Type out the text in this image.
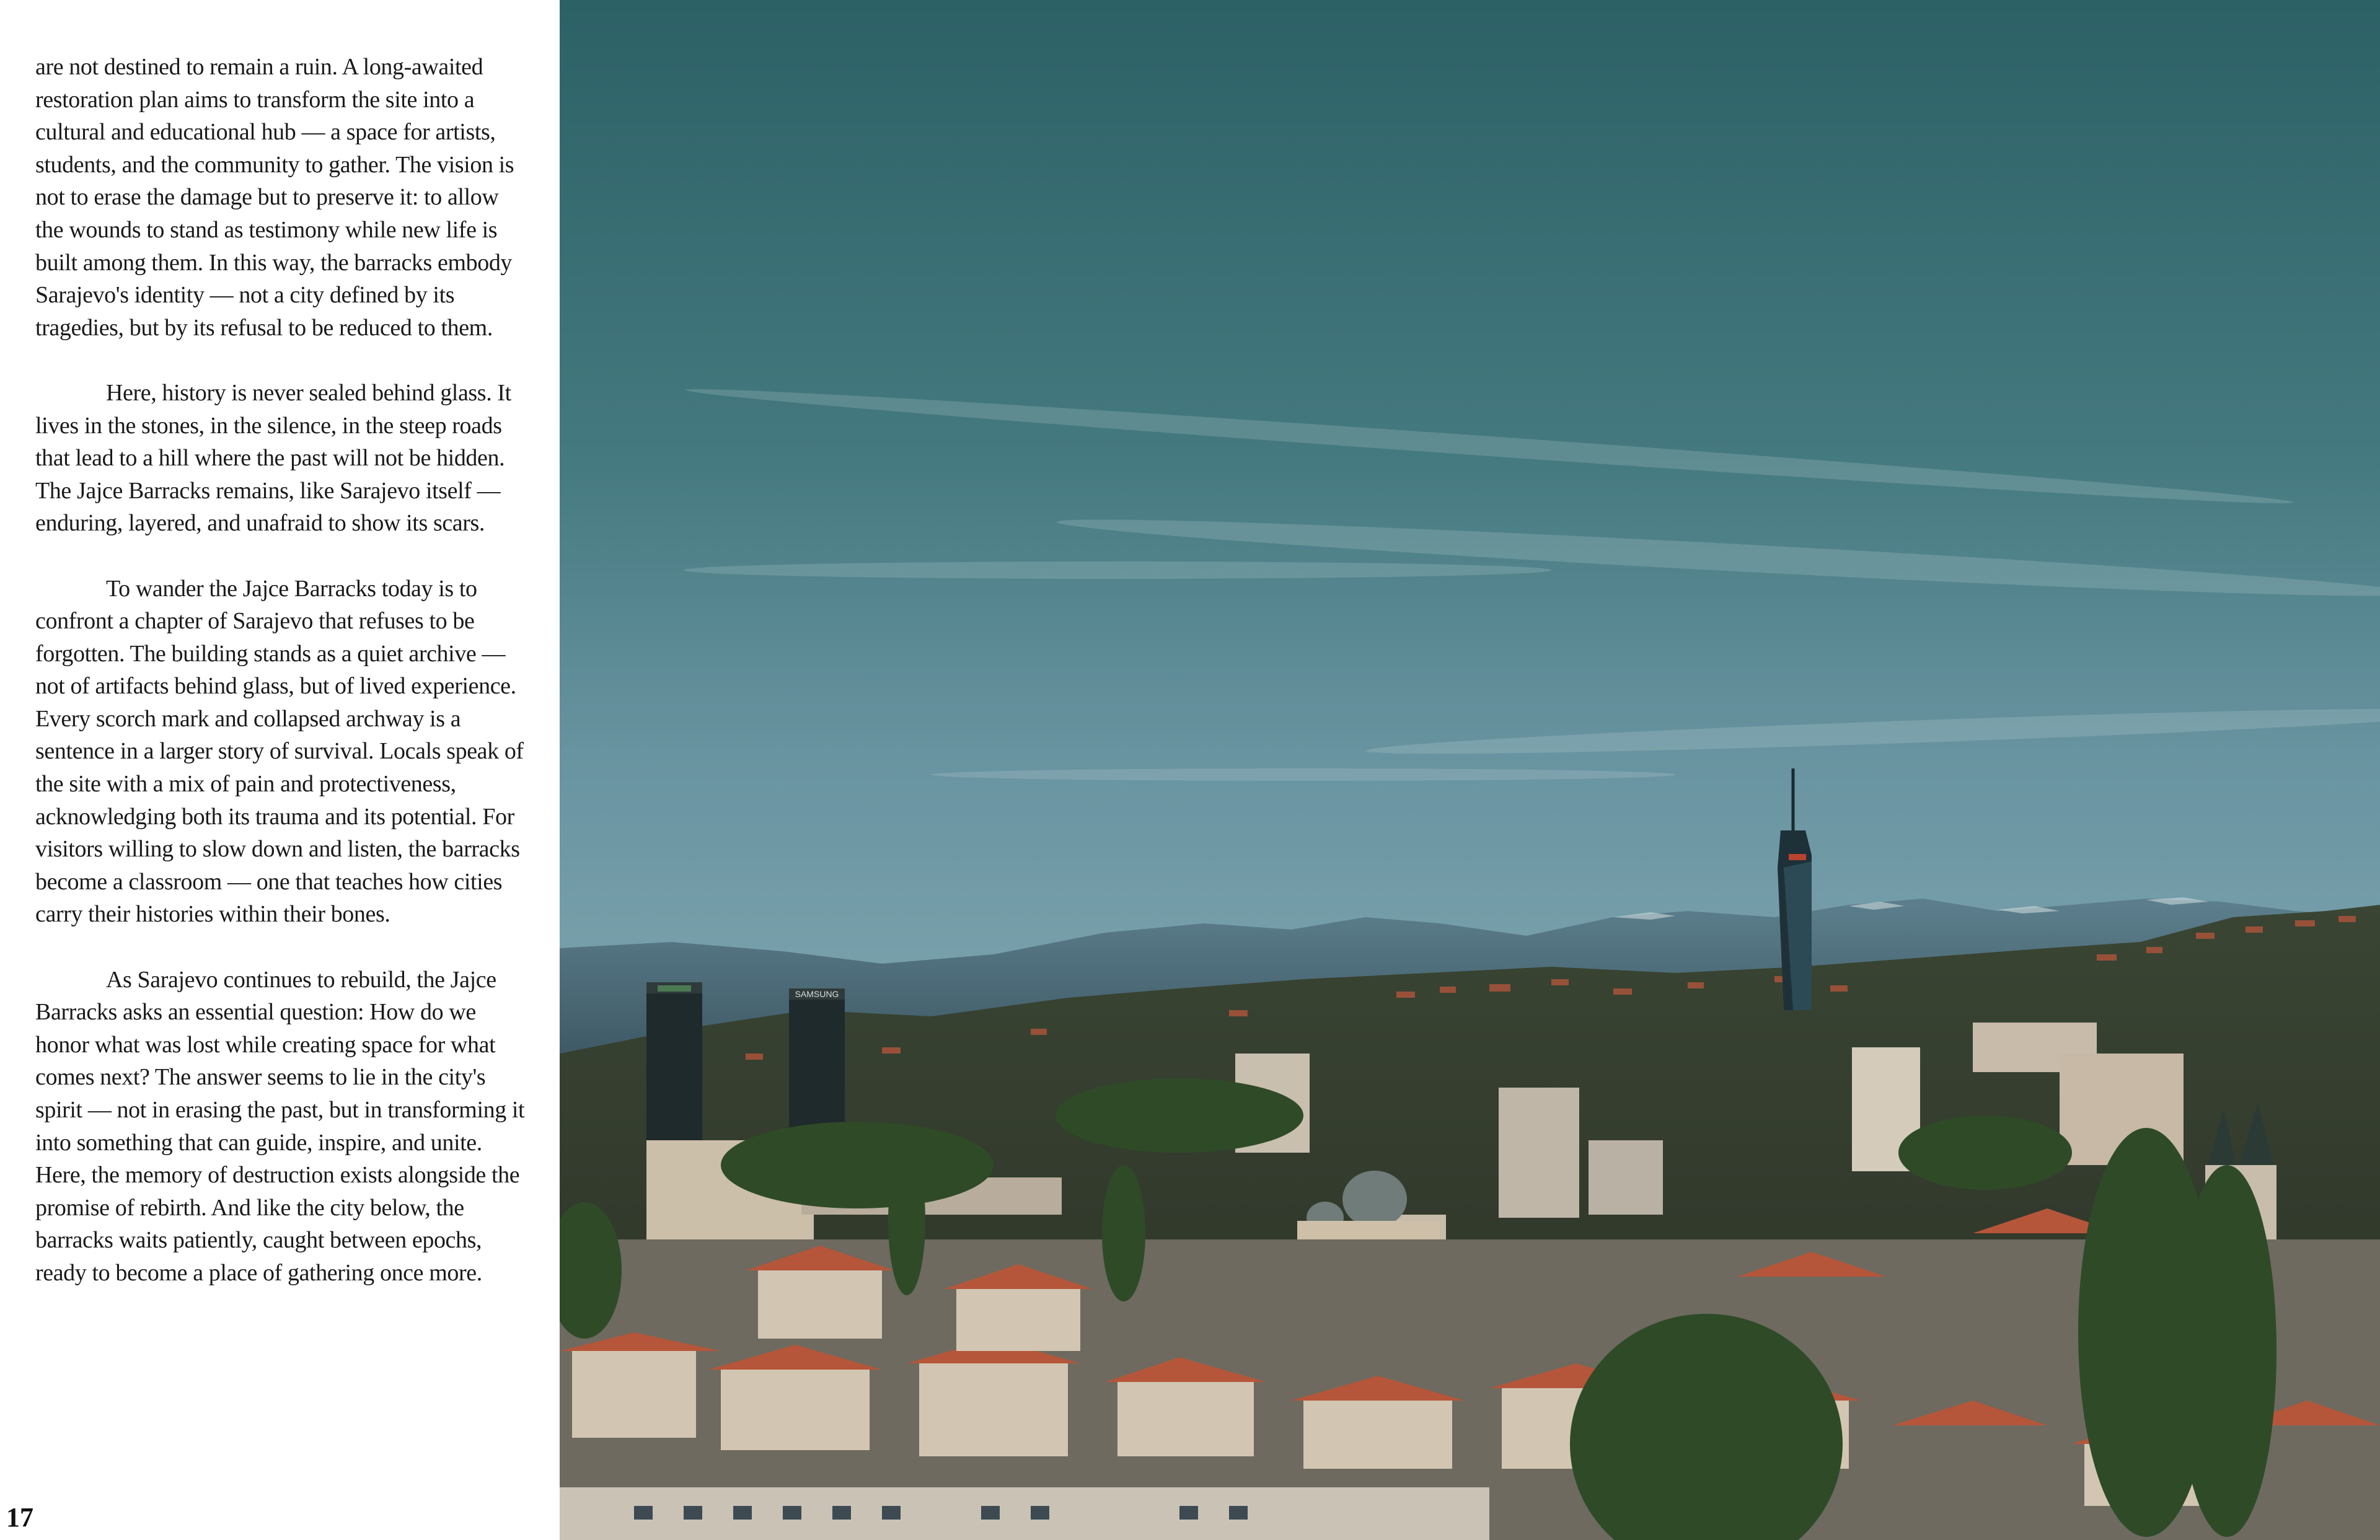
are not destined to remain a ruin. A long-awaited restoration plan aims to transform the site into a cultural and educational hub — a space for artists, students, and the community to gather. The vision is not to erase the damage but to preserve it: to allow the wounds to stand as testimony while new life is built among them. In this way, the barracks embody Sarajevo's identity — not a city defined by its tragedies, but by its refusal to be reduced to them.

Here, history is never sealed behind glass. It lives in the stones, in the silence, in the steep roads that lead to a hill where the past will not be hidden. The Jajce Barracks remains, like Sarajevo itself — enduring, layered, and unafraid to show its scars.

To wander the Jajce Barracks today is to confront a chapter of Sarajevo that refuses to be forgotten. The building stands as a quiet archive — not of artifacts behind glass, but of lived experience. Every scorch mark and collapsed archway is a sentence in a larger story of survival. Locals speak of the site with a mix of pain and protectiveness, acknowledging both its trauma and its potential. For visitors willing to slow down and listen, the barracks become a classroom — one that teaches how cities carry their histories within their bones.

As Sarajevo continues to rebuild, the Jajce Barracks asks an essential question: How do we honor what was lost while creating space for what comes next? The answer seems to lie in the city's spirit — not in erasing the past, but in transforming it into something that can guide, inspire, and unite. Here, the memory of destruction exists alongside the promise of rebirth. And like the city below, the barracks waits patiently, caught between epochs, ready to become a place of gathering once more.

17
SAMSUNG
